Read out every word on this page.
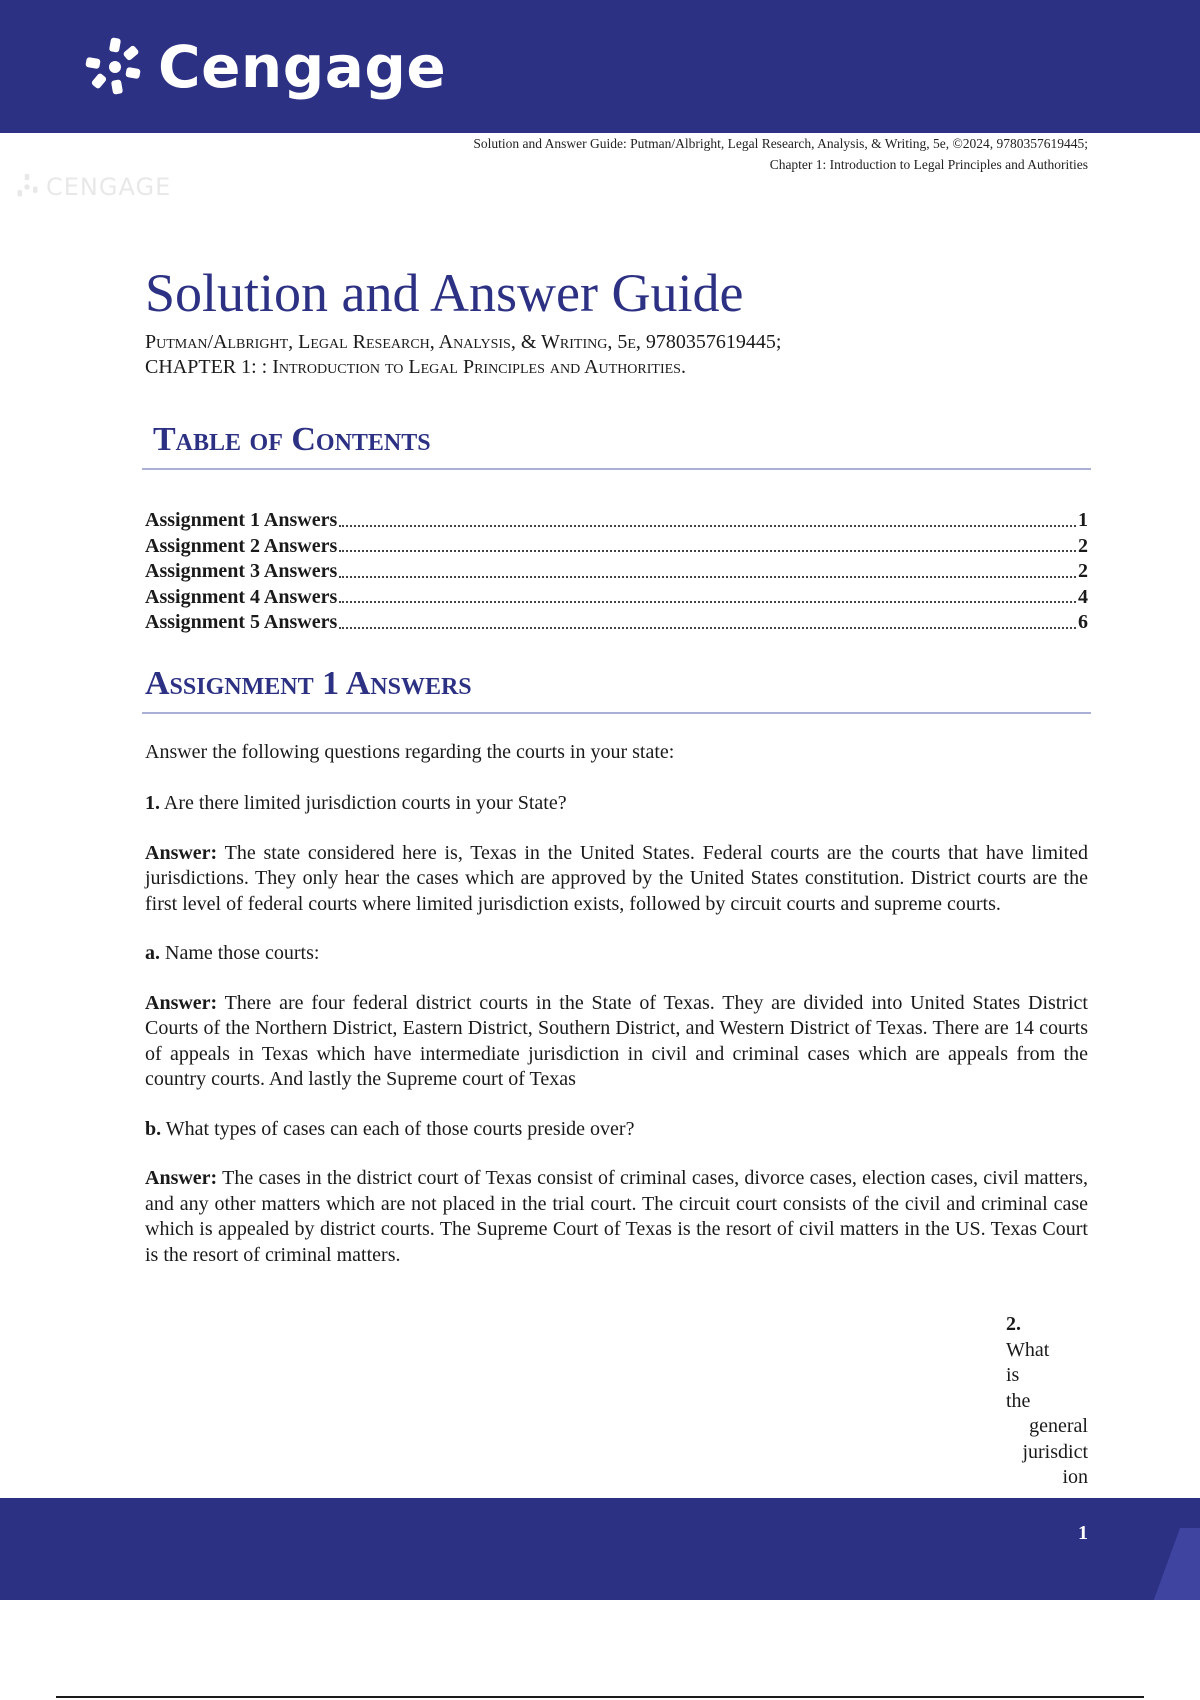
Cengage
Solution and Answer Guide: Putman/Albright, Legal Research, Analysis, & Writing, 5e, ©2024, 9780357619445;
Chapter 1: Introduction to Legal Principles and Authorities
CENGAGE
Solution and Answer Guide
Putman/Albright, Legal Research, Analysis, & Writing, 5e, 9780357619445;
CHAPTER 1: : Introduction to Legal Principles and Authorities.
Table of Contents
Assignment 1 Answers	1
Assignment 2 Answers	2
Assignment 3 Answers	2
Assignment 4 Answers	4
Assignment 5 Answers	6
Assignment 1 Answers

Answer the following questions regarding the courts in your state:

1. Are there limited jurisdiction courts in your State?

Answer: The state considered here is, Texas in the United States. Federal courts are the courts that have limited jurisdictions. They only hear the cases which are approved by the United States constitution. District courts are the first level of federal courts where limited jurisdiction exists, followed by circuit courts and supreme courts.

a. Name those courts:

Answer: There are four federal district courts in the State of Texas. They are divided into United States District Courts of the Northern District, Eastern District, Southern District, and Western District of Texas. There are 14 courts of appeals in Texas which have intermediate jurisdiction in civil and criminal cases which are appeals from the country courts. And lastly the Supreme court of Texas

b. What types of cases can each of those courts preside over?

Answer: The cases in the district court of Texas consist of criminal cases, divorce cases, election cases, civil matters, and any other matters which are not placed in the trial court. The circuit court consists of the civil and criminal case which is appealed by district courts. The Supreme Court of Texas is the resort of civil matters in the US. Texas Court is the resort of criminal matters.

2.
What
is
the
general
jurisdict
ion
1
